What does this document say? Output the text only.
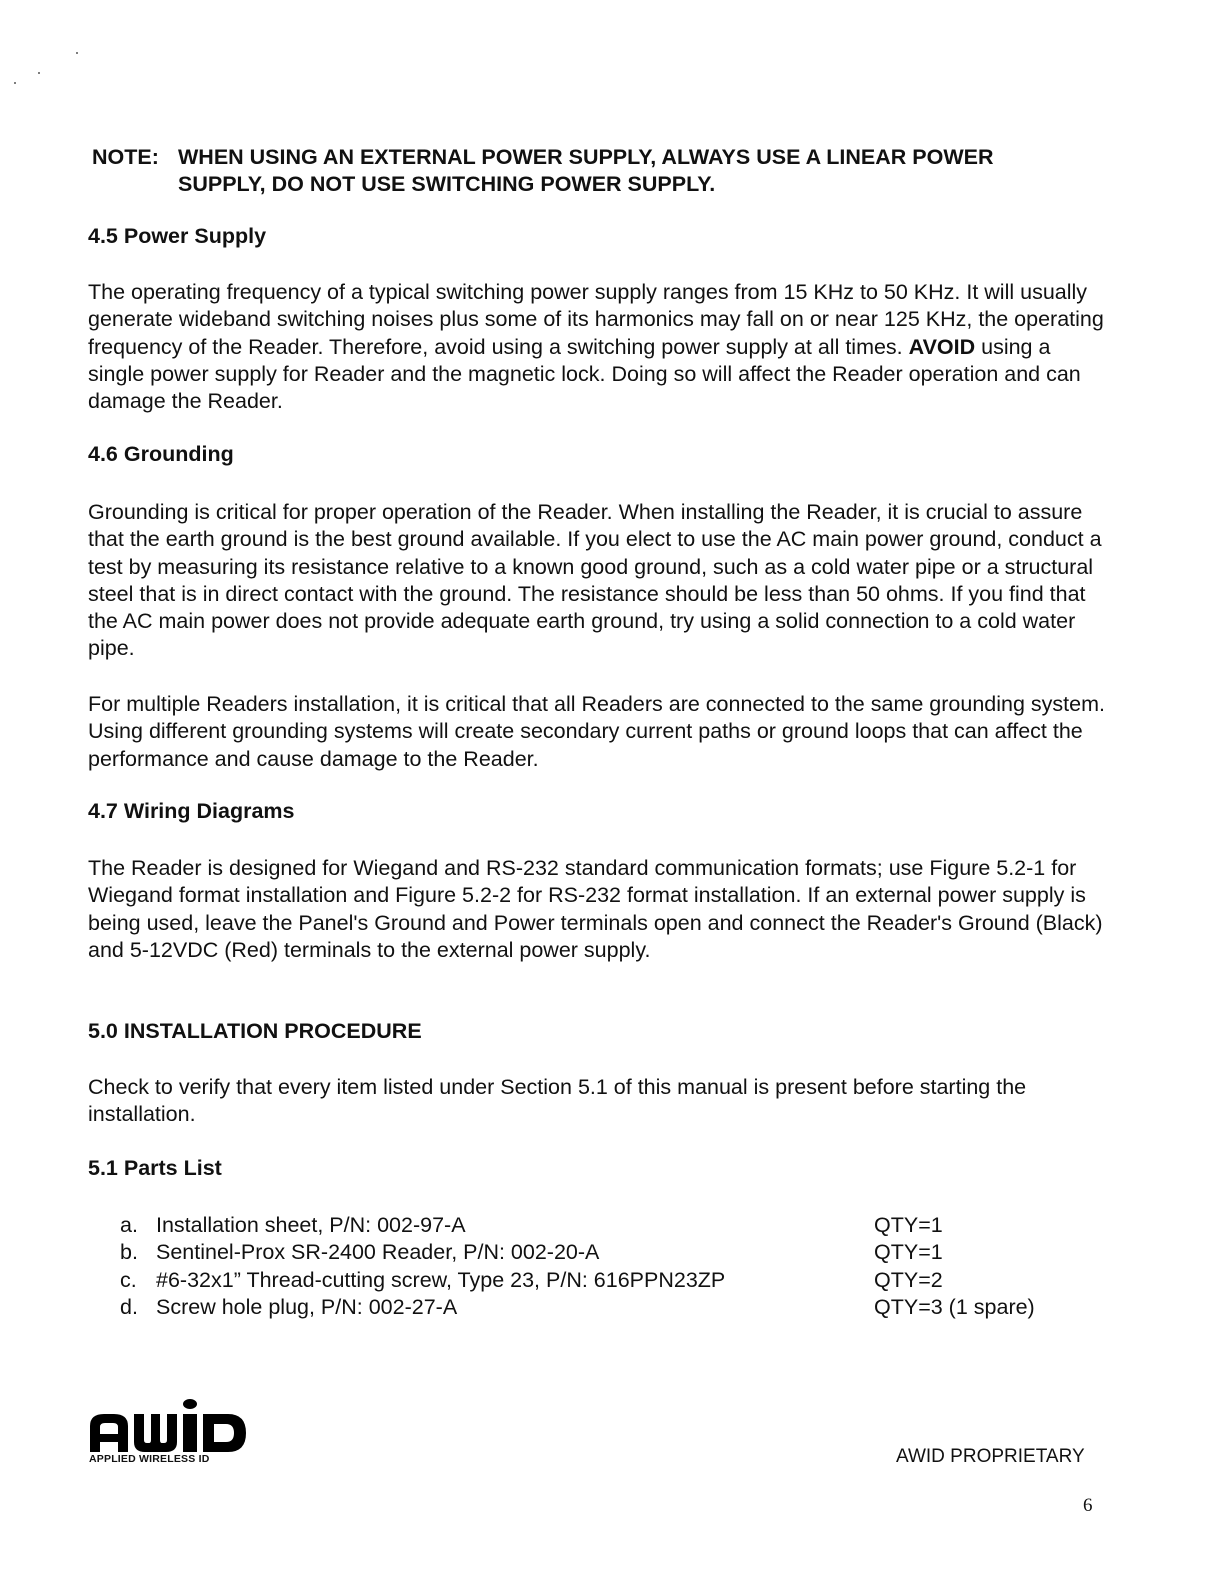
NOTE: WHEN USING AN EXTERNAL POWER SUPPLY, ALWAYS USE A LINEAR POWER
SUPPLY, DO NOT USE SWITCHING POWER SUPPLY.
4.5 Power Supply

The operating frequency of a typical switching power supply ranges from 15 KHz to 50 KHz. It will usually generate wideband switching noises plus some of its harmonics may fall on or near 125 KHz, the operating frequency of the Reader. Therefore, avoid using a switching power supply at all times. AVOID using a single power supply for Reader and the magnetic lock. Doing so will affect the Reader operation and can damage the Reader.

4.6 Grounding

Grounding is critical for proper operation of the Reader. When installing the Reader, it is crucial to assure that the earth ground is the best ground available. If you elect to use the AC main power ground, conduct a test by measuring its resistance relative to a known good ground, such as a cold water pipe or a structural steel that is in direct contact with the ground. The resistance should be less than 50 ohms. If you find that the AC main power does not provide adequate earth ground, try using a solid connection to a cold water pipe.

For multiple Readers installation, it is critical that all Readers are connected to the same grounding system. Using different grounding systems will create secondary current paths or ground loops that can affect the performance and cause damage to the Reader.

4.7 Wiring Diagrams

The Reader is designed for Wiegand and RS-232 standard communication formats; use Figure 5.2-1 for Wiegand format installation and Figure 5.2-2 for RS-232 format installation. If an external power supply is being used, leave the Panel's Ground and Power terminals open and connect the Reader's Ground (Black) and 5-12VDC (Red) terminals to the external power supply.

5.0 INSTALLATION PROCEDURE

Check to verify that every item listed under Section 5.1 of this manual is present before starting the installation.

5.1 Parts List
a. Installation sheet, P/N: 002-97-A	QTY=1
b. Sentinel-Prox SR-2400 Reader, P/N: 002-20-A	QTY=1
c. #6-32x1” Thread-cutting screw, Type 23, P/N: 616PPN23ZP	QTY=2
d. Screw hole plug, P/N: 002-27-A	QTY=3 (1 spare)
APPLIED WIRELESS ID	AWID PROPRIETARY
6
